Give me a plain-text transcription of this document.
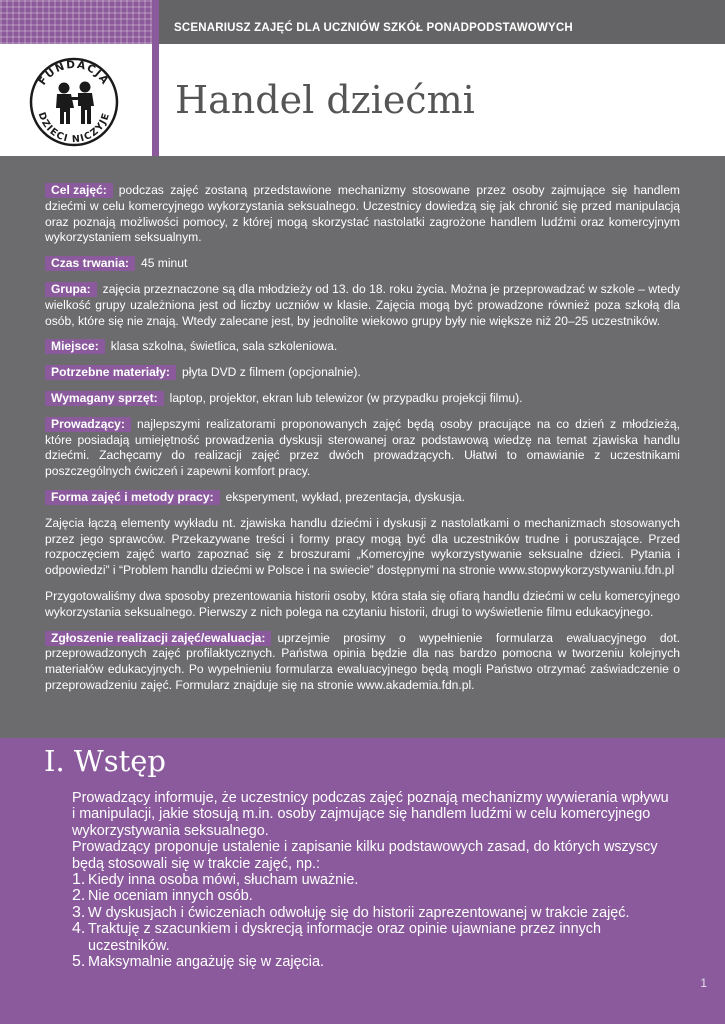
SCENARIUSZ ZAJĘĆ DLA UCZNIÓW SZKÓŁ PONADPODSTAWOWYCH
FUNDACJA
DZIECI NICZYJE Handel dziećmi

Cel zajęć: podczas zajęć zostaną przedstawione mechanizmy stosowane przez osoby zajmujące się handlem dziećmi w celu komercyjnego wykorzystania seksualnego. Uczestnicy dowiedzą się jak chronić się przed manipulacją oraz poznają możliwości pomocy, z której mogą skorzystać nastolatki zagrożone handlem ludźmi oraz komercyjnym wykorzystaniem seksualnym.

Czas trwania: 45 minut

Grupa: zajęcia przeznaczone są dla młodzieży od 13. do 18. roku życia. Można je przeprowadzać w szkole – wtedy wielkość grupy uzależniona jest od liczby uczniów w klasie. Zajęcia mogą być prowadzone również poza szkołą dla osób, które się nie znają. Wtedy zalecane jest, by jednolite wiekowo grupy były nie większe niż 20–25 uczestników.

Miejsce: klasa szkolna, świetlica, sala szkoleniowa.

Potrzebne materiały: płyta DVD z filmem (opcjonalnie).

Wymagany sprzęt: laptop, projektor, ekran lub telewizor (w przypadku projekcji filmu).

Prowadzący: najlepszymi realizatorami proponowanych zajęć będą osoby pracujące na co dzień z młodzieżą, które posiadają umiejętność prowadzenia dyskusji sterowanej oraz podstawową wiedzę na temat zjawiska handlu dziećmi. Zachęcamy do realizacji zajęć przez dwóch prowadzących. Ułatwi to omawianie z uczestnikami poszczególnych ćwiczeń i zapewni komfort pracy.

Forma zajęć i metody pracy: eksperyment, wykład, prezentacja, dyskusja.

Zajęcia łączą elementy wykładu nt. zjawiska handlu dziećmi i dyskusji z nastolatkami o mechanizmach stosowanych przez jego sprawców. Przekazywane treści i formy pracy mogą być dla uczestników trudne i poruszające. Przed rozpoczęciem zajęć warto zapoznać się z broszurami „Komercyjne wykorzystywanie seksualne dzieci. Pytania i odpowiedzi” i “Problem handlu dziećmi w Polsce i na swiecie” dostępnymi na stronie www.stopwykorzystywaniu.fdn.pl

Przygotowaliśmy dwa sposoby prezentowania historii osoby, która stała się ofiarą handlu dziećmi w celu komercyjnego wykorzystania seksualnego. Pierwszy z nich polega na czytaniu historii, drugi to wyświetlenie filmu edukacyjnego.

Zgłoszenie realizacji zajęć/ewaluacja: uprzejmie prosimy o wypełnienie formularza ewaluacyjnego dot. przeprowadzonych zajęć profilaktycznych. Państwa opinia będzie dla nas bardzo pomocna w tworzeniu kolejnych materiałów edukacyjnych. Po wypełnieniu formularza ewaluacyjnego będą mogli Państwo otrzymać zaświadczenie o przeprowadzeniu zajęć. Formularz znajduje się na stronie www.akademia.fdn.pl.

I. Wstęp

Prowadzący informuje, że uczestnicy podczas zajęć poznają mechanizmy wywierania wpływu i manipulacji, jakie stosują m.in. osoby zajmujące się handlem ludźmi w celu komercyjnego wykorzystywania seksualnego.

Prowadzący proponuje ustalenie i zapisanie kilku podstawowych zasad, do których wszyscy będą stosowali się w trakcie zajęć, np.:

1. Kiedy inna osoba mówi, słucham uważnie.
2. Nie oceniam innych osób.
3. W dyskusjach i ćwiczeniach odwołuję się do historii zaprezentowanej w trakcie zajęć.
4. Traktuję z szacunkiem i dyskrecją informacje oraz opinie ujawniane przez innych uczestników.
5. Maksymalnie angażuję się w zajęcia.
1
